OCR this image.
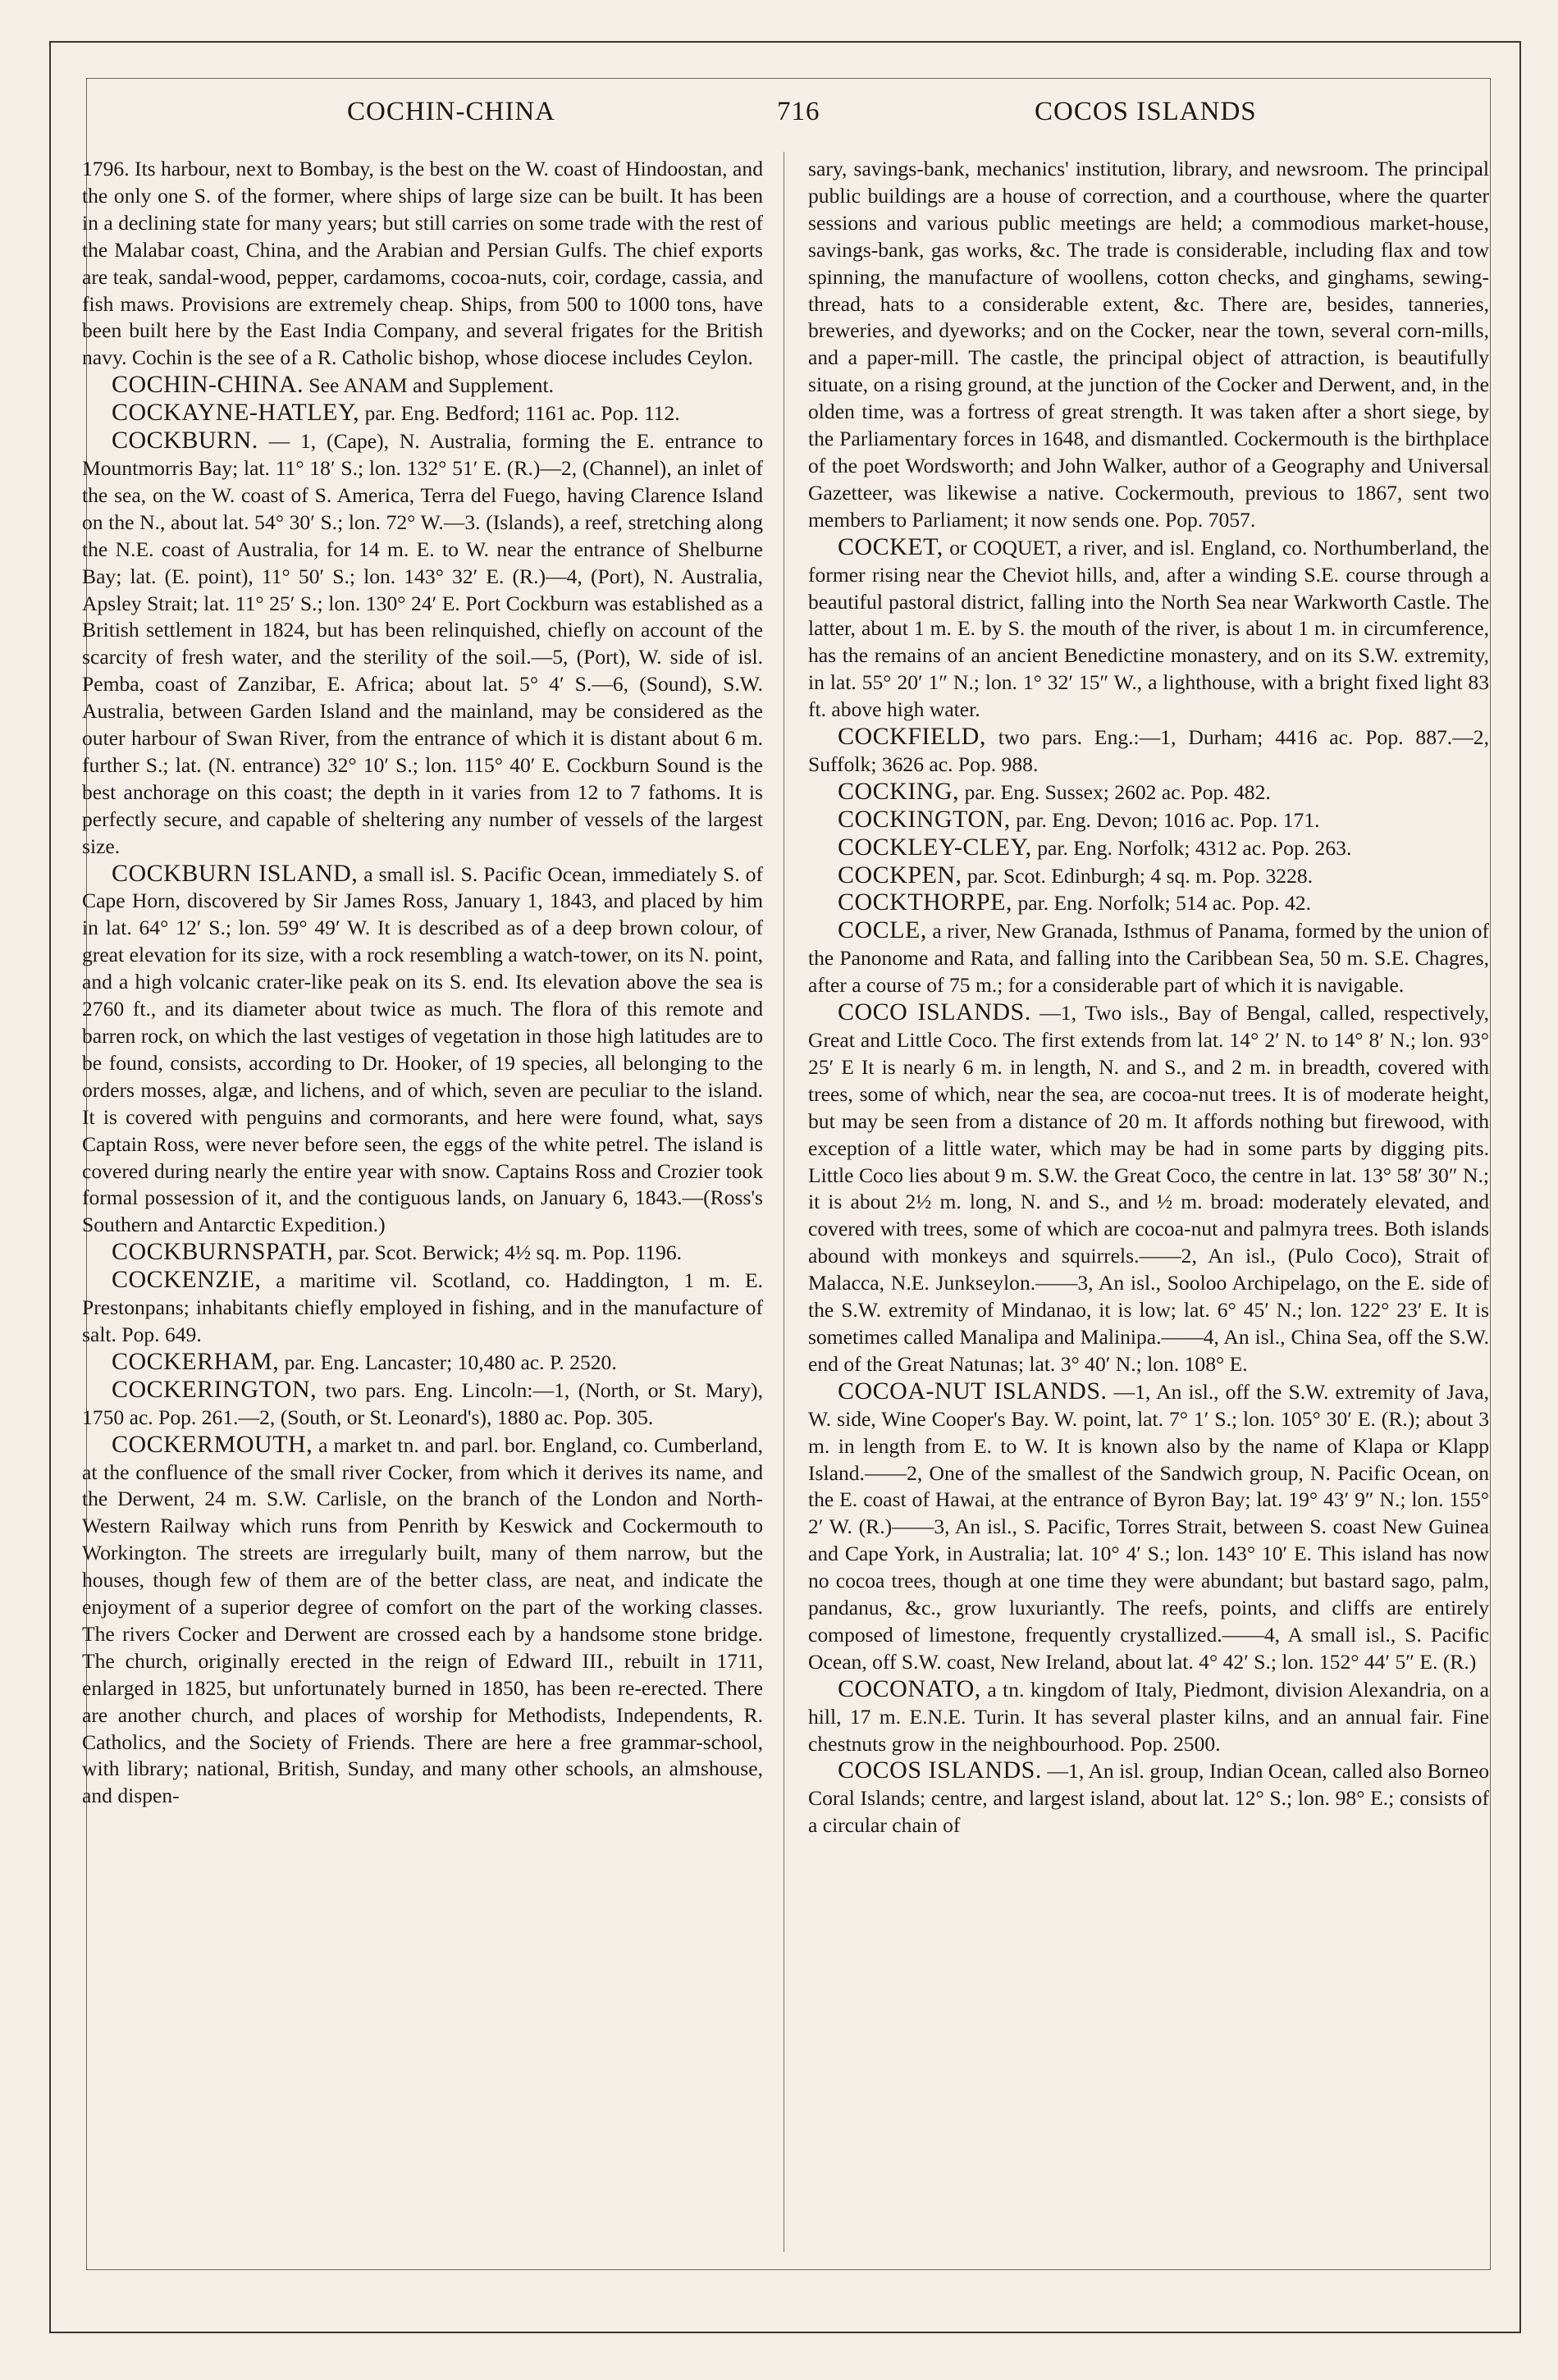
COCHIN-CHINA	716	COCOS ISLANDS

1796. Its harbour, next to Bombay, is the best on the W. coast of Hindoostan, and the only one S. of the former, where ships of large size can be built. It has been in a declining state for many years; but still carries on some trade with the rest of the Malabar coast, China, and the Arabian and Persian Gulfs. The chief exports are teak, sandal-wood, pepper, cardamoms, cocoa-nuts, coir, cordage, cassia, and fish maws. Provisions are extremely cheap. Ships, from 500 to 1000 tons, have been built here by the East India Company, and several frigates for the British navy. Cochin is the see of a R. Catholic bishop, whose diocese includes Ceylon.

COCHIN-CHINA. See ANAM and Supplement.

COCKAYNE-HATLEY, par. Eng. Bedford; 1161 ac. Pop. 112.

COCKBURN. — 1, (Cape), N. Australia, forming the E. entrance to Mountmorris Bay; lat. 11° 18′ S.; lon. 132° 51′ E. (R.)—2, (Channel), an inlet of the sea, on the W. coast of S. America, Terra del Fuego, having Clarence Island on the N., about lat. 54° 30′ S.; lon. 72° W.—3. (Islands), a reef, stretching along the N.E. coast of Australia, for 14 m. E. to W. near the entrance of Shelburne Bay; lat. (E. point), 11° 50′ S.; lon. 143° 32′ E. (R.)—4, (Port), N. Australia, Apsley Strait; lat. 11° 25′ S.; lon. 130° 24′ E. Port Cockburn was established as a British settlement in 1824, but has been relinquished, chiefly on account of the scarcity of fresh water, and the sterility of the soil.—5, (Port), W. side of isl. Pemba, coast of Zanzibar, E. Africa; about lat. 5° 4′ S.—6, (Sound), S.W. Australia, between Garden Island and the mainland, may be considered as the outer harbour of Swan River, from the entrance of which it is distant about 6 m. further S.; lat. (N. entrance) 32° 10′ S.; lon. 115° 40′ E. Cockburn Sound is the best anchorage on this coast; the depth in it varies from 12 to 7 fathoms. It is perfectly secure, and capable of sheltering any number of vessels of the largest size.

COCKBURN ISLAND, a small isl. S. Pacific Ocean, immediately S. of Cape Horn, discovered by Sir James Ross, January 1, 1843, and placed by him in lat. 64° 12′ S.; lon. 59° 49′ W. It is described as of a deep brown colour, of great elevation for its size, with a rock resembling a watch-tower, on its N. point, and a high volcanic crater-like peak on its S. end. Its elevation above the sea is 2760 ft., and its diameter about twice as much. The flora of this remote and barren rock, on which the last vestiges of vegetation in those high latitudes are to be found, consists, according to Dr. Hooker, of 19 species, all belonging to the orders mosses, algæ, and lichens, and of which, seven are peculiar to the island. It is covered with penguins and cormorants, and here were found, what, says Captain Ross, were never before seen, the eggs of the white petrel. The island is covered during nearly the entire year with snow. Captains Ross and Crozier took formal possession of it, and the contiguous lands, on January 6, 1843.—(Ross's Southern and Antarctic Expedition.)

COCKBURNSPATH, par. Scot. Berwick; 4½ sq. m. Pop. 1196.

COCKENZIE, a maritime vil. Scotland, co. Haddington, 1 m. E. Prestonpans; inhabitants chiefly employed in fishing, and in the manufacture of salt. Pop. 649.

COCKERHAM, par. Eng. Lancaster; 10,480 ac. P. 2520.

COCKERINGTON, two pars. Eng. Lincoln:—1, (North, or St. Mary), 1750 ac. Pop. 261.—2, (South, or St. Leonard's), 1880 ac. Pop. 305.

COCKERMOUTH, a market tn. and parl. bor. England, co. Cumberland, at the confluence of the small river Cocker, from which it derives its name, and the Derwent, 24 m. S.W. Carlisle, on the branch of the London and North-Western Railway which runs from Penrith by Keswick and Cockermouth to Workington. The streets are irregularly built, many of them narrow, but the houses, though few of them are of the better class, are neat, and indicate the enjoyment of a superior degree of comfort on the part of the working classes. The rivers Cocker and Derwent are crossed each by a handsome stone bridge. The church, originally erected in the reign of Edward III., rebuilt in 1711, enlarged in 1825, but unfortunately burned in 1850, has been re-erected. There are another church, and places of worship for Methodists, Independents, R. Catholics, and the Society of Friends. There are here a free grammar-school, with library; national, British, Sunday, and many other schools, an almshouse, and dispen-

sary, savings-bank, mechanics' institution, library, and newsroom. The principal public buildings are a house of correction, and a courthouse, where the quarter sessions and various public meetings are held; a commodious market-house, savings-bank, gas works, &c. The trade is considerable, including flax and tow spinning, the manufacture of woollens, cotton checks, and ginghams, sewing-thread, hats to a considerable extent, &c. There are, besides, tanneries, breweries, and dyeworks; and on the Cocker, near the town, several corn-mills, and a paper-mill. The castle, the principal object of attraction, is beautifully situate, on a rising ground, at the junction of the Cocker and Derwent, and, in the olden time, was a fortress of great strength. It was taken after a short siege, by the Parliamentary forces in 1648, and dismantled. Cockermouth is the birthplace of the poet Wordsworth; and John Walker, author of a Geography and Universal Gazetteer, was likewise a native. Cockermouth, previous to 1867, sent two members to Parliament; it now sends one. Pop. 7057.

COCKET, or COQUET, a river, and isl. England, co. Northumberland, the former rising near the Cheviot hills, and, after a winding S.E. course through a beautiful pastoral district, falling into the North Sea near Warkworth Castle. The latter, about 1 m. E. by S. the mouth of the river, is about 1 m. in circumference, has the remains of an ancient Benedictine monastery, and on its S.W. extremity, in lat. 55° 20′ 1″ N.; lon. 1° 32′ 15″ W., a lighthouse, with a bright fixed light 83 ft. above high water.

COCKFIELD, two pars. Eng.:—1, Durham; 4416 ac. Pop. 887.—2, Suffolk; 3626 ac. Pop. 988.

COCKING, par. Eng. Sussex; 2602 ac. Pop. 482.

COCKINGTON, par. Eng. Devon; 1016 ac. Pop. 171.

COCKLEY-CLEY, par. Eng. Norfolk; 4312 ac. Pop. 263.

COCKPEN, par. Scot. Edinburgh; 4 sq. m. Pop. 3228.

COCKTHORPE, par. Eng. Norfolk; 514 ac. Pop. 42.

COCLE, a river, New Granada, Isthmus of Panama, formed by the union of the Panonome and Rata, and falling into the Caribbean Sea, 50 m. S.E. Chagres, after a course of 75 m.; for a considerable part of which it is navigable.

COCO ISLANDS. —1, Two isls., Bay of Bengal, called, respectively, Great and Little Coco. The first extends from lat. 14° 2′ N. to 14° 8′ N.; lon. 93° 25′ E It is nearly 6 m. in length, N. and S., and 2 m. in breadth, covered with trees, some of which, near the sea, are cocoa-nut trees. It is of moderate height, but may be seen from a distance of 20 m. It affords nothing but firewood, with exception of a little water, which may be had in some parts by digging pits. Little Coco lies about 9 m. S.W. the Great Coco, the centre in lat. 13° 58′ 30″ N.; it is about 2½ m. long, N. and S., and ½ m. broad: moderately elevated, and covered with trees, some of which are cocoa-nut and palmyra trees. Both islands abound with monkeys and squirrels.——2, An isl., (Pulo Coco), Strait of Malacca, N.E. Junkseylon.——3, An isl., Sooloo Archipelago, on the E. side of the S.W. extremity of Mindanao, it is low; lat. 6° 45′ N.; lon. 122° 23′ E. It is sometimes called Manalipa and Malinipa.——4, An isl., China Sea, off the S.W. end of the Great Natunas; lat. 3° 40′ N.; lon. 108° E.

COCOA-NUT ISLANDS. —1, An isl., off the S.W. extremity of Java, W. side, Wine Cooper's Bay. W. point, lat. 7° 1′ S.; lon. 105° 30′ E. (R.); about 3 m. in length from E. to W. It is known also by the name of Klapa or Klapp Island.——2, One of the smallest of the Sandwich group, N. Pacific Ocean, on the E. coast of Hawai, at the entrance of Byron Bay; lat. 19° 43′ 9″ N.; lon. 155° 2′ W. (R.)——3, An isl., S. Pacific, Torres Strait, between S. coast New Guinea and Cape York, in Australia; lat. 10° 4′ S.; lon. 143° 10′ E. This island has now no cocoa trees, though at one time they were abundant; but bastard sago, palm, pandanus, &c., grow luxuriantly. The reefs, points, and cliffs are entirely composed of limestone, frequently crystallized.——4, A small isl., S. Pacific Ocean, off S.W. coast, New Ireland, about lat. 4° 42′ S.; lon. 152° 44′ 5″ E. (R.)

COCONATO, a tn. kingdom of Italy, Piedmont, division Alexandria, on a hill, 17 m. E.N.E. Turin. It has several plaster kilns, and an annual fair. Fine chestnuts grow in the neighbourhood. Pop. 2500.

COCOS ISLANDS. —1, An isl. group, Indian Ocean, called also Borneo Coral Islands; centre, and largest island, about lat. 12° S.; lon. 98° E.; consists of a circular chain of
